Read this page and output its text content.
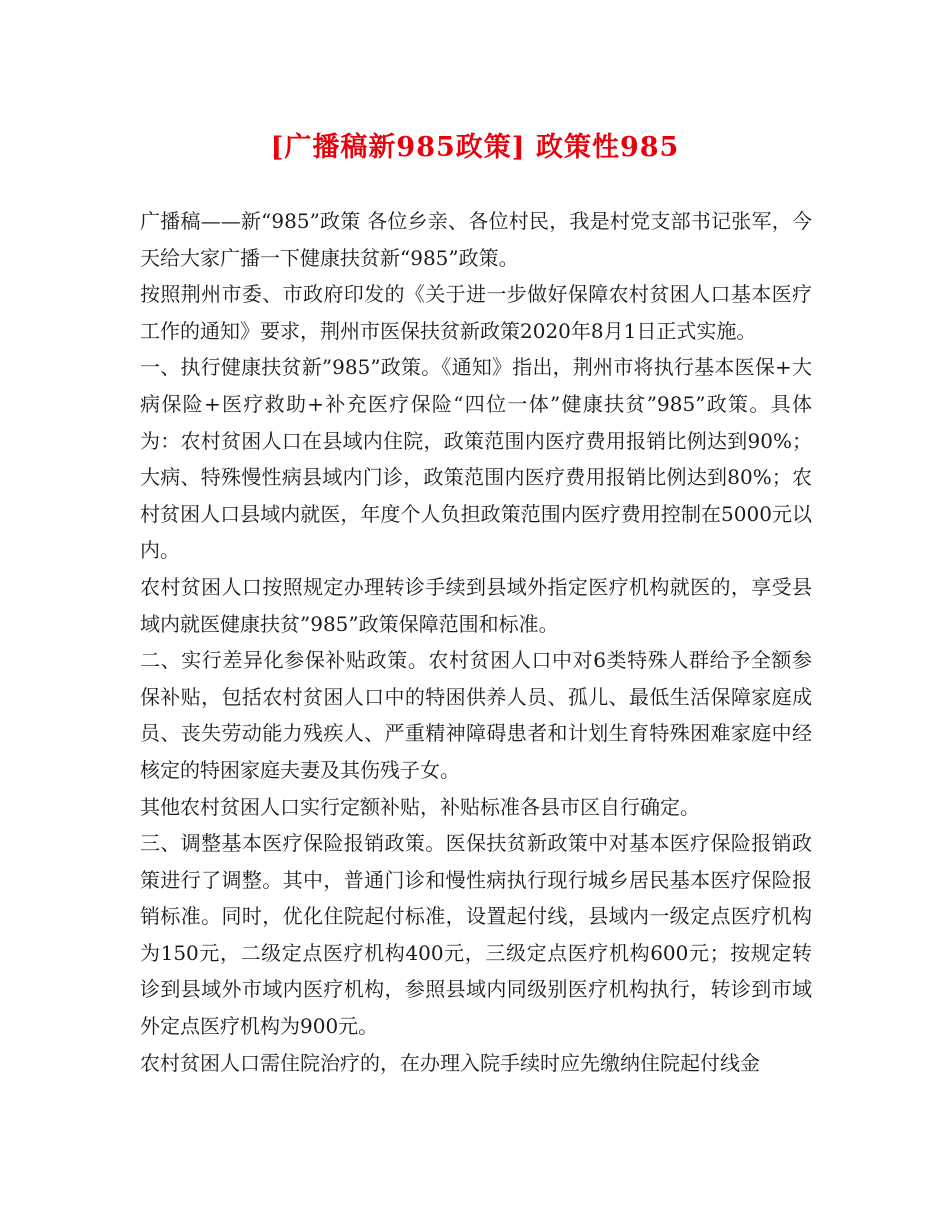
[广播稿新985政策] 政策性985

广播稿——新“985”政策 各位乡亲、各位村民，我是村党支部书记张军，今天给大家广播一下健康扶贫新“985”政策。

按照荆州市委、市政府印发的《关于进一步做好保障农村贫困人口基本医疗工作的通知》要求，荆州市医保扶贫新政策2020年8月1日正式实施。

一、执行健康扶贫新”985”政策。《通知》指出，荆州市将执行基本医保+大病保险+医疗救助+补充医疗保险“四位一体”健康扶贫”985”政策。具体为：农村贫困人口在县域内住院，政策范围内医疗费用报销比例达到90%；大病、特殊慢性病县域内门诊，政策范围内医疗费用报销比例达到80%；农村贫困人口县域内就医，年度个人负担政策范围内医疗费用控制在5000元以内。

农村贫困人口按照规定办理转诊手续到县域外指定医疗机构就医的，享受县域内就医健康扶贫”985”政策保障范围和标准。

二、实行差异化参保补贴政策。农村贫困人口中对6类特殊人群给予全额参保补贴，包括农村贫困人口中的特困供养人员、孤儿、最低生活保障家庭成员、丧失劳动能力残疾人、严重精神障碍患者和计划生育特殊困难家庭中经核定的特困家庭夫妻及其伤残子女。

其他农村贫困人口实行定额补贴，补贴标准各县市区自行确定。

三、调整基本医疗保险报销政策。医保扶贫新政策中对基本医疗保险报销政策进行了调整。其中，普通门诊和慢性病执行现行城乡居民基本医疗保险报销标准。同时，优化住院起付标准，设置起付线，县域内一级定点医疗机构为150元，二级定点医疗机构400元，三级定点医疗机构600元；按规定转诊到县域外市域内医疗机构，参照县域内同级别医疗机构执行，转诊到市域外定点医疗机构为900元。

农村贫困人口需住院治疗的，在办理入院手续时应先缴纳住院起付线金
